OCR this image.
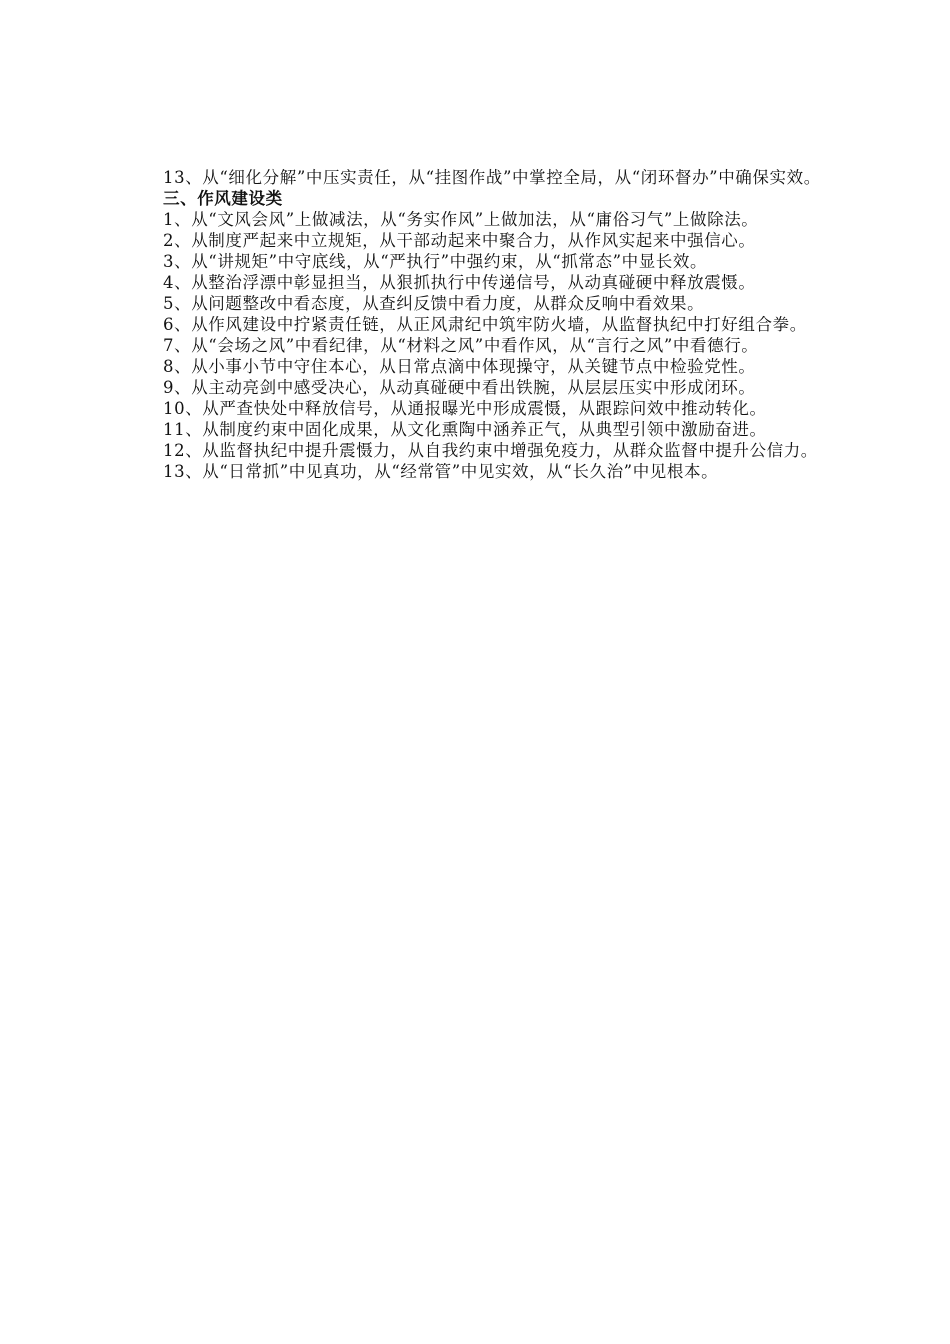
13、从“细化分解”中压实责任，从“挂图作战”中掌控全局，从“闭环督办”中确保实效。

三、作风建设类

1、从“文风会风”上做减法，从“务实作风”上做加法，从“庸俗习气”上做除法。

2、从制度严起来中立规矩，从干部动起来中聚合力，从作风实起来中强信心。

3、从“讲规矩”中守底线，从“严执行”中强约束，从“抓常态”中显长效。

4、从整治浮漂中彰显担当，从狠抓执行中传递信号，从动真碰硬中释放震慑。

5、从问题整改中看态度，从查纠反馈中看力度，从群众反响中看效果。

6、从作风建设中拧紧责任链，从正风肃纪中筑牢防火墙，从监督执纪中打好组合拳。

7、从“会场之风”中看纪律，从“材料之风”中看作风，从“言行之风”中看德行。

8、从小事小节中守住本心，从日常点滴中体现操守，从关键节点中检验党性。

9、从主动亮剑中感受决心，从动真碰硬中看出铁腕，从层层压实中形成闭环。

10、从严查快处中释放信号，从通报曝光中形成震慑，从跟踪问效中推动转化。

11、从制度约束中固化成果，从文化熏陶中涵养正气，从典型引领中激励奋进。

12、从监督执纪中提升震慑力，从自我约束中增强免疫力，从群众监督中提升公信力。

13、从“日常抓”中见真功，从“经常管”中见实效，从“长久治”中见根本。
